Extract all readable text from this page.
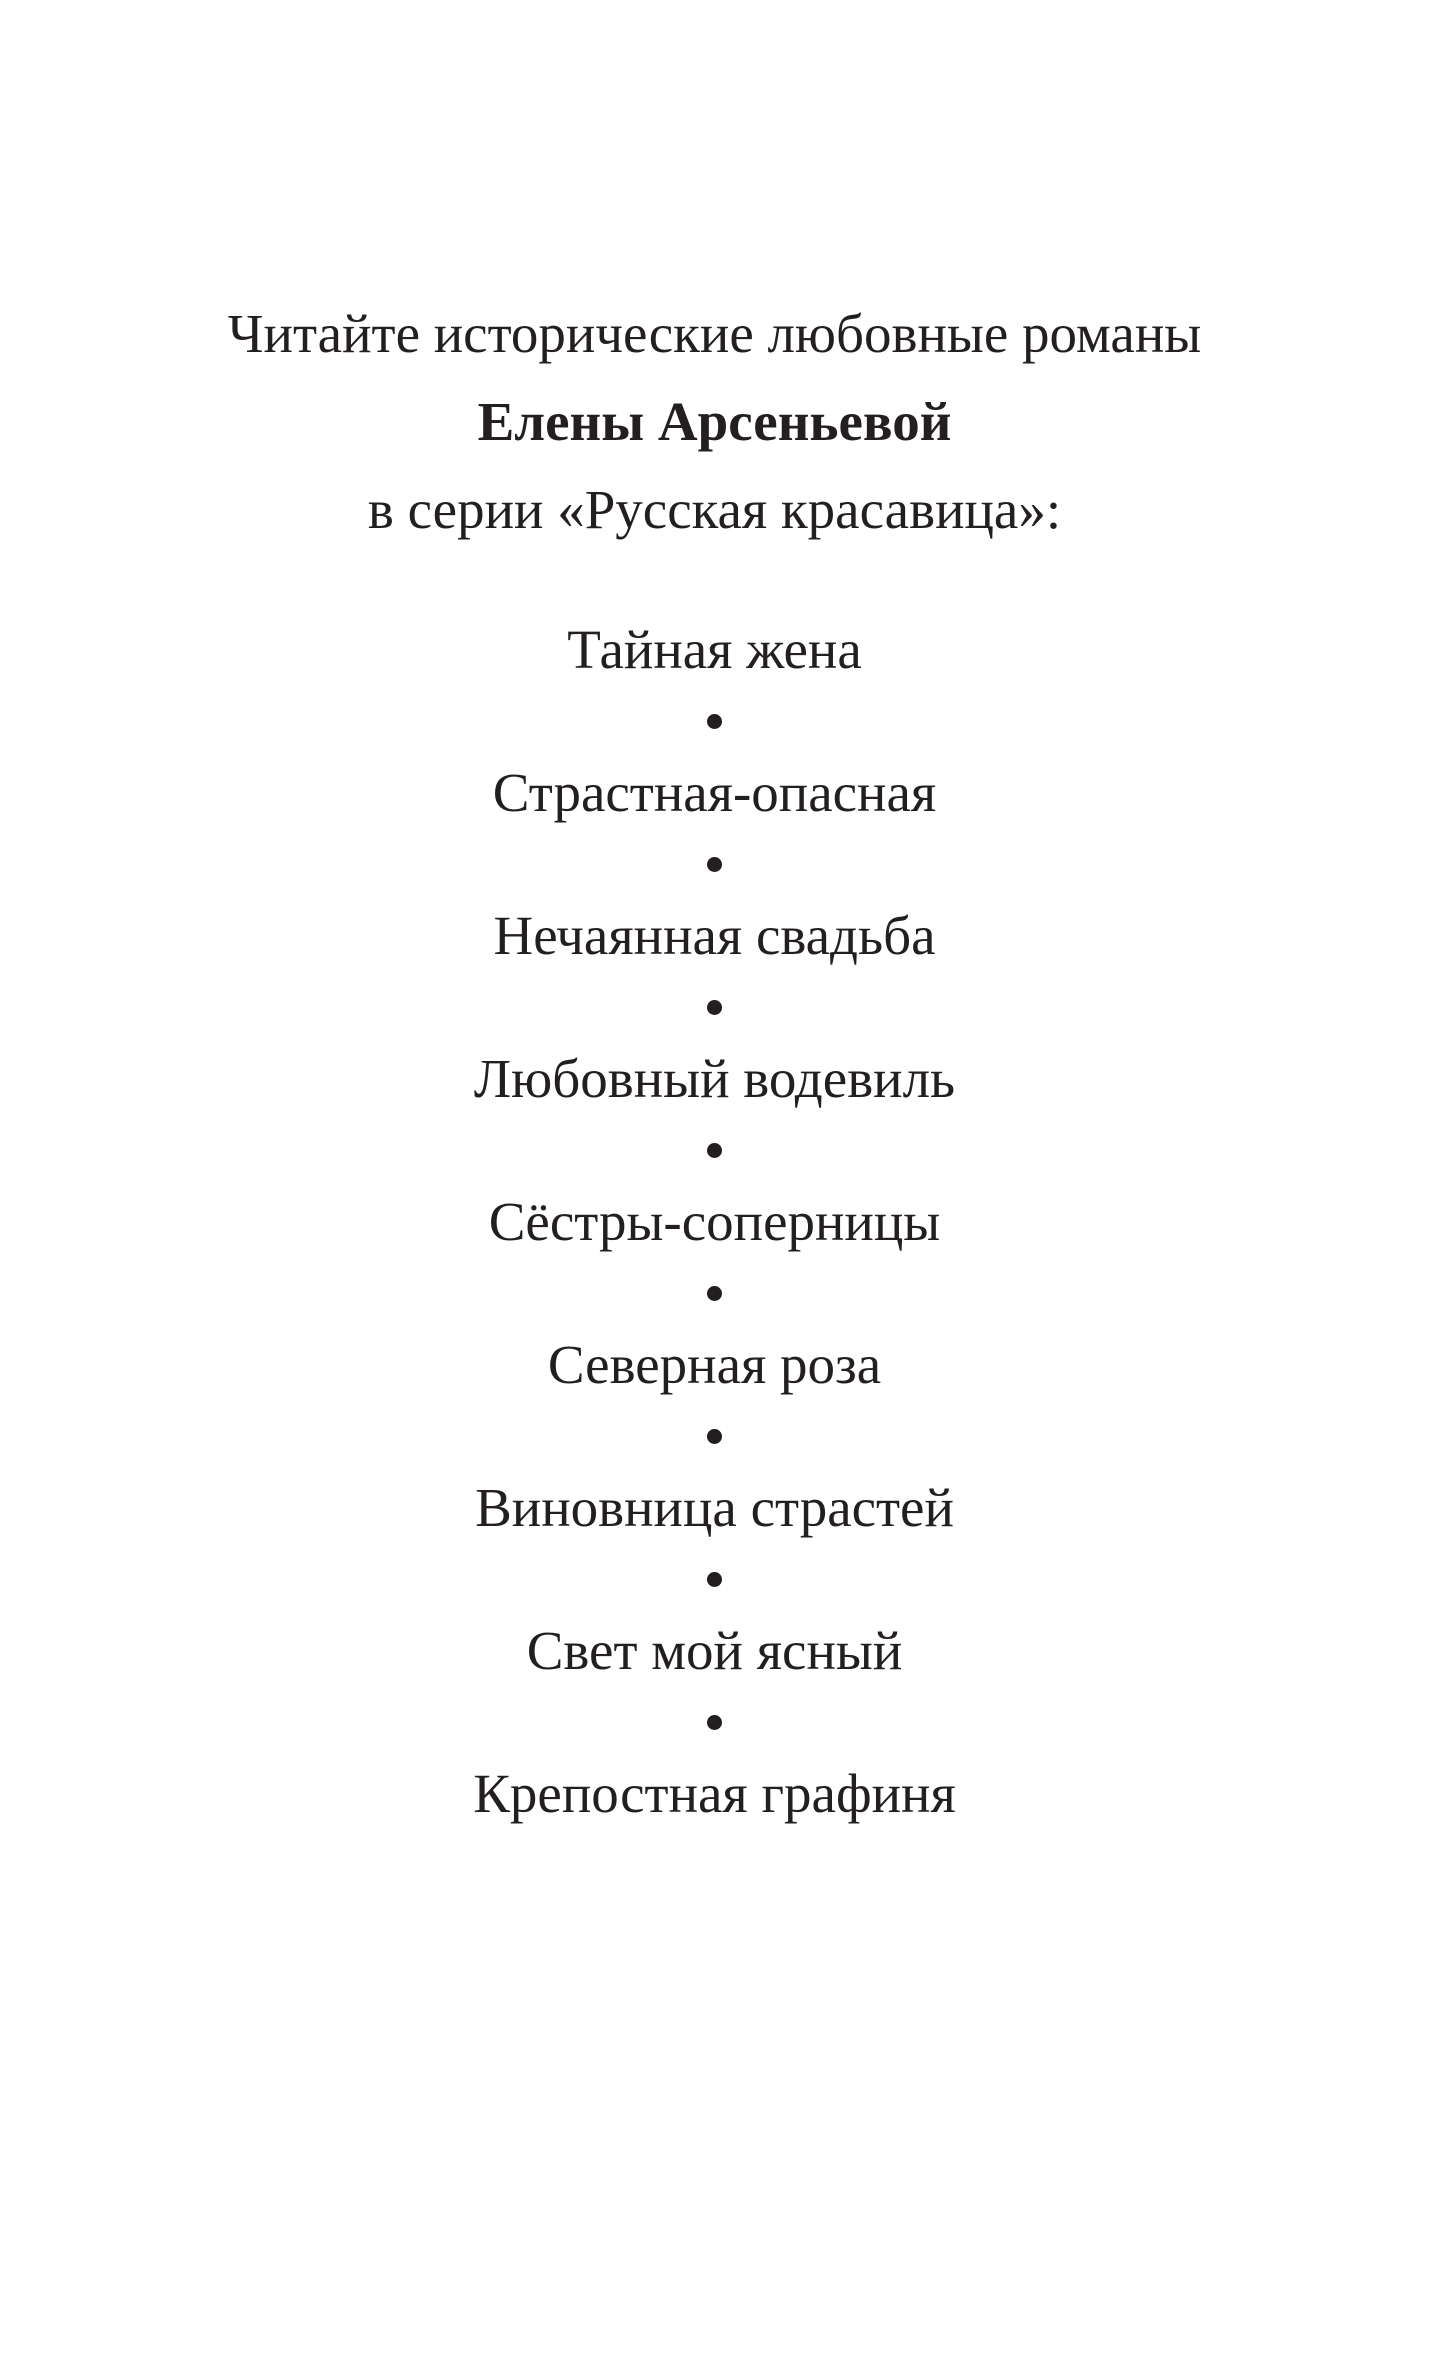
Читайте исторические любовные романы
Елены Арсеньевой
в серии «Русская красавица»:
Тайная жена
Страстная-опасная
Нечаянная свадьба
Любовный водевиль
Сёстры-соперницы
Северная роза
Виновница страстей
Свет мой ясный
Крепостная графиня
